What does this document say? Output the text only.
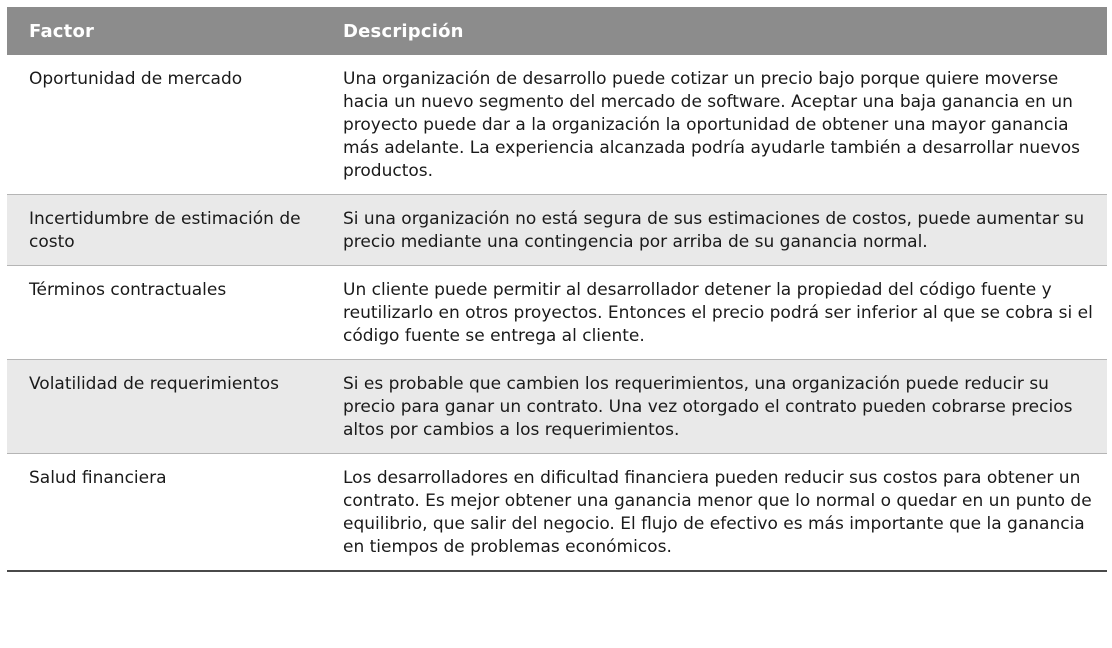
Factor	Descripción
Oportunidad de mercado	Una organización de desarrollo puede cotizar un precio bajo porque quiere moverse hacia un nuevo segmento del mercado de software. Aceptar una baja ganancia en un proyecto puede dar a la organización la oportunidad de obtener una mayor ganancia más adelante. La experiencia alcanzada podría ayudarle también a desarrollar nuevos productos.
Incertidumbre de estimación de costo	Si una organización no está segura de sus estimaciones de costos, puede aumentar su precio mediante una contingencia por arriba de su ganancia normal.
Términos contractuales	Un cliente puede permitir al desarrollador detener la propiedad del código fuente y reutilizarlo en otros proyectos. Entonces el precio podrá ser inferior al que se cobra si el código fuente se entrega al cliente.
Volatilidad de requerimientos	Si es probable que cambien los requerimientos, una organización puede reducir su precio para ganar un contrato. Una vez otorgado el contrato pueden cobrarse precios altos por cambios a los requerimientos.
Salud financiera	Los desarrolladores en dificultad financiera pueden reducir sus costos para obtener un contrato. Es mejor obtener una ganancia menor que lo normal o quedar en un punto de equilibrio, que salir del negocio. El flujo de efectivo es más importante que la ganancia en tiempos de problemas económicos.
